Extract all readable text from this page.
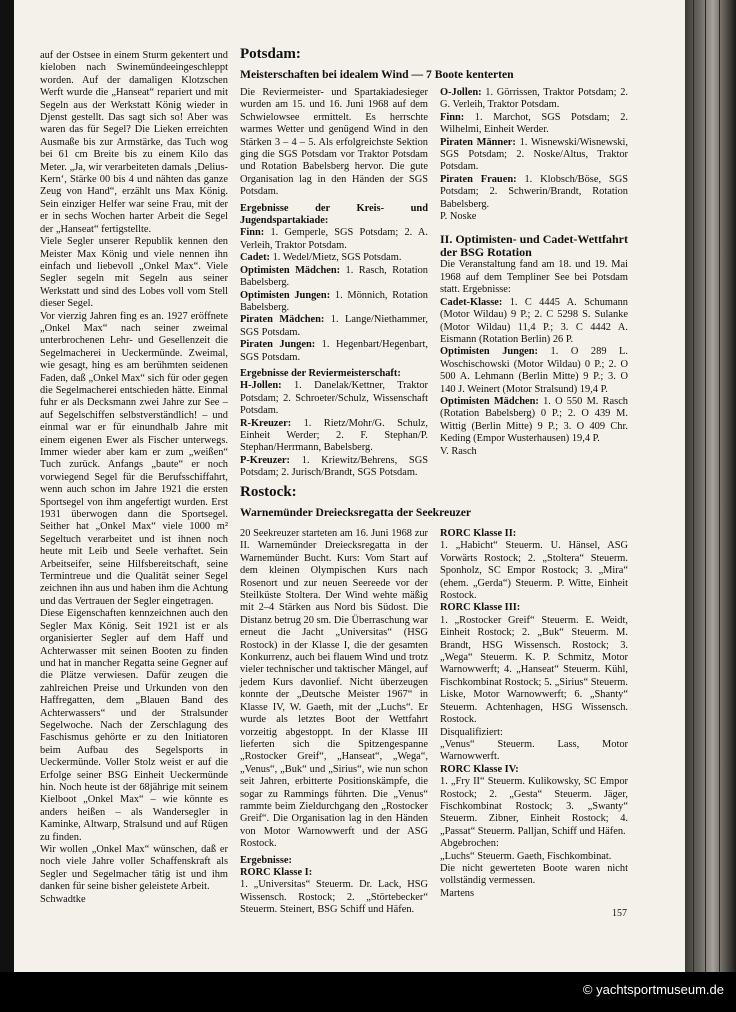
auf der Ostsee in einem Sturm gekentert und kieloben nach Swinemündeeingeschleppt worden. Auf der damaligen Klotzschen Werft wurde die „Hanseat“ repariert und mit Segeln aus der Werkstatt König wieder in Djenst gestellt. Das sagt sich so! Aber was waren das für Segel? Die Lieken erreichten Ausmaße bis zur Armstärke, das Tuch wog bei 61 cm Breite bis zu einem Kilo das Meter. „Ja, wir verarbeiteten damals ‚Delius-Kern‘, Stärke 00 bis 4 und nähten das ganze Zeug von Hand“, erzählt uns Max König. Sein einziger Helfer war seine Frau, mit der er in sechs Wochen harter Arbeit die Segel der „Hanseat“ fertigstellte.

Viele Segler unserer Republik kennen den Meister Max König und viele nennen ihn einfach und liebevoll „Onkel Max“. Viele Segler segeln mit Segeln aus seiner Werkstatt und sind des Lobes voll vom Stell dieser Segel.

Vor vierzig Jahren fing es an. 1927 eröffnete „Onkel Max“ nach seiner zweimal unterbrochenen Lehr- und Gesellenzeit die Segelmacherei in Ueckermünde. Zweimal, wie gesagt, hing es am berühmten seidenen Faden, daß „Onkel Max“ sich für oder gegen die Segelmacherei entschieden hätte. Einmal fuhr er als Decksmann zwei Jahre zur See – auf Segelschiffen selbstverständlich! – und einmal war er für einundhalb Jahre mit einem eigenen Ewer als Fischer unterwegs. Immer wieder aber kam er zum „weißen“ Tuch zurück. Anfangs „baute“ er noch vorwiegend Segel für die Berufsschiffahrt, wenn auch schon im Jahre 1921 die ersten Sportsegel von ihm angefertigt wurden. Erst 1931 überwogen dann die Sportsegel. Seither hat „Onkel Max“ viele 1000 m² Segeltuch verarbeitet und ist ihnen noch heute mit Leib und Seele verhaftet. Sein Arbeitseifer, seine Hilfsbereitschaft, seine Termintreue und die Qualität seiner Segel zeichnen ihn aus und haben ihm die Achtung und das Vertrauen der Segler eingetragen.

Diese Eigenschaften kennzeichnen auch den Segler Max König. Seit 1921 ist er als organisierter Segler auf dem Haff und Achterwasser mit seinen Booten zu finden und hat in mancher Regatta seine Gegner auf die Plätze verwiesen. Dafür zeugen die zahlreichen Preise und Urkunden von den Haffregatten, dem „Blauen Band des Achterwassers“ und der Stralsunder Segelwoche. Nach der Zerschlagung des Faschismus gehörte er zu den Initiatoren beim Aufbau des Segelsports in Ueckermünde. Voller Stolz weist er auf die Erfolge seiner BSG Einheit Ueckermünde hin. Noch heute ist der 68jährige mit seinem Kielboot „Onkel Max“ – wie könnte es anders heißen – als Wandersegler in Kaminke, Altwarp, Stralsund und auf Rügen zu finden.

Wir wollen „Onkel Max“ wünschen, daß er noch viele Jahre voller Schaffenskraft als Segler und Segelmacher tätig ist und ihm danken für seine bisher geleistete Arbeit.

Schwadtke

Potsdam:
Meisterschaften bei idealem Wind — 7 Boote kenterten

Die Reviermeister- und Spartakiadesieger wurden am 15. und 16. Juni 1968 auf dem Schwielowsee ermittelt. Es herrschte warmes Wetter und genügend Wind in den Stärken 3 – 4 – 5. Als erfolgreichste Sektion ging die SGS Potsdam vor Traktor Potsdam und Rotation Babelsberg hervor. Die gute Organisation lag in den Händen der SGS Potsdam.

Ergebnisse der Kreis- und Jugendspartakiade:

Finn: 1. Gemperle, SGS Potsdam; 2. A. Verleih, Traktor Potsdam.

Cadet: 1. Wedel/Mietz, SGS Potsdam.

Optimisten Mädchen: 1. Rasch, Rotation Babelsberg.

Optimisten Jungen: 1. Mönnich, Rotation Babelsberg.

Piraten Mädchen: 1. Lange/Niethammer, SGS Potsdam.

Piraten Jungen: 1. Hegenbart/Hegenbart, SGS Potsdam.

Ergebnisse der Reviermeisterschaft:

H-Jollen: 1. Danelak/Kettner, Traktor Potsdam; 2. Schroeter/Schulz, Wissenschaft Potsdam.

R-Kreuzer: 1. Rietz/Mohr/G. Schulz, Einheit Werder; 2. F. Stephan/P. Stephan/Herrmann, Babelsberg.

P-Kreuzer: 1. Kriewitz/Behrens, SGS Potsdam; 2. Jurisch/Brandt, SGS Potsdam.

O-Jollen: 1. Görrissen, Traktor Potsdam; 2. G. Verleih, Traktor Potsdam.

Finn: 1. Marchot, SGS Potsdam; 2. Wilhelmi, Einheit Werder.

Piraten Männer: 1. Wisnewski/Wisnewski, SGS Potsdam; 2. Noske/Altus, Traktor Potsdam.

Piraten Frauen: 1. Klobsch/Böse, SGS Potsdam; 2. Schwerin/Brandt, Rotation Babelsberg.

P. Noske

II. Optimisten- und Cadet-Wettfahrt der BSG Rotation

Die Veranstaltung fand am 18. und 19. Mai 1968 auf dem Templiner See bei Potsdam statt. Ergebnisse:

Cadet-Klasse: 1. C 4445 A. Schumann (Motor Wildau) 9 P.; 2. C 5298 S. Sulanke (Motor Wildau) 11,4 P.; 3. C 4442 A. Eismann (Rotation Berlin) 26 P.

Optimisten Jungen: 1. O 289 L. Woschischowski (Motor Wildau) 0 P.; 2. O 500 A. Lehmann (Berlin Mitte) 9 P.; 3. O 140 J. Weinert (Motor Stralsund) 19,4 P.

Optimisten Mädchen: 1. O 550 M. Rasch (Rotation Babelsberg) 0 P.; 2. O 439 M. Wittig (Berlin Mitte) 9 P.; 3. O 409 Chr. Keding (Empor Wusterhausen) 19,4 P.

V. Rasch

Rostock:
Warnemünder Dreiecksregatta der Seekreuzer

20 Seekreuzer starteten am 16. Juni 1968 zur II. Warnemünder Dreiecksregatta in der Warnemünder Bucht. Kurs: Vom Start auf dem kleinen Olympischen Kurs nach Rosenort und zur neuen Seereede vor der Steilküste Stoltera. Der Wind wehte mäßig mit 2–4 Stärken aus Nord bis Südost. Die Distanz betrug 20 sm. Die Überraschung war erneut die Jacht „Universitas“ (HSG Rostock) in der Klasse I, die der gesamten Konkurrenz, auch bei flauem Wind und trotz vieler technischer und taktischer Mängel, auf jedem Kurs davonlief. Nicht überzeugen konnte der „Deutsche Meister 1967“ in Klasse IV, W. Gaeth, mit der „Luchs“. Er wurde als letztes Boot der Wettfahrt vorzeitig abgestoppt. In der Klasse III lieferten sich die Spitzengespanne „Rostocker Greif“, „Hanseat“, „Wega“, „Venus“, „Buk“ und „Sirius“, wie nun schon seit Jahren, erbitterte Positionskämpfe, die sogar zu Rammings führten. Die „Venus“ rammte beim Zieldurchgang den „Rostocker Greif“. Die Organisation lag in den Händen von Motor Warnowwerft und der ASG Rostock.

Ergebnisse:

RORC Klasse I:

1. „Universitas“ Steuerm. Dr. Lack, HSG Wissensch. Rostock; 2. „Störtebecker“ Steuerm. Steinert, BSG Schiff und Häfen.

RORC Klasse II:

1. „Habicht“ Steuerm. U. Hänsel, ASG Vorwärts Rostock; 2. „Stoltera“ Steuerm. Sponholz, SC Empor Rostock; 3. „Mira“ (ehem. „Gerda“) Steuerm. P. Witte, Einheit Rostock.

RORC Klasse III:

1. „Rostocker Greif“ Steuerm. E. Weidt, Einheit Rostock; 2. „Buk“ Steuerm. M. Brandt, HSG Wissensch. Rostock; 3. „Wega“ Steuerm. K. P. Schmitz, Motor Warnowwerft; 4. „Hanseat“ Steuerm. Kühl, Fischkombinat Rostock; 5. „Sirius“ Steuerm. Liske, Motor Warnowwerft; 6. „Shanty“ Steuerm. Achtenhagen, HSG Wissensch. Rostock.

Disqualifiziert:

„Venus“ Steuerm. Lass, Motor Warnowwerft.

RORC Klasse IV:

1. „Fry II“ Steuerm. Kulikowsky, SC Empor Rostock; 2. „Gesta“ Steuerm. Jäger, Fischkombinat Rostock; 3. „Swanty“ Steuerm. Zibner, Einheit Rostock; 4. „Passat“ Steuerm. Palljan, Schiff und Häfen.

Abgebrochen:

„Luchs“ Steuerm. Gaeth, Fischkombinat.

Die nicht gewerteten Boote waren nicht vollständig vermessen.

Martens

157
© yachtsportmuseum.de
